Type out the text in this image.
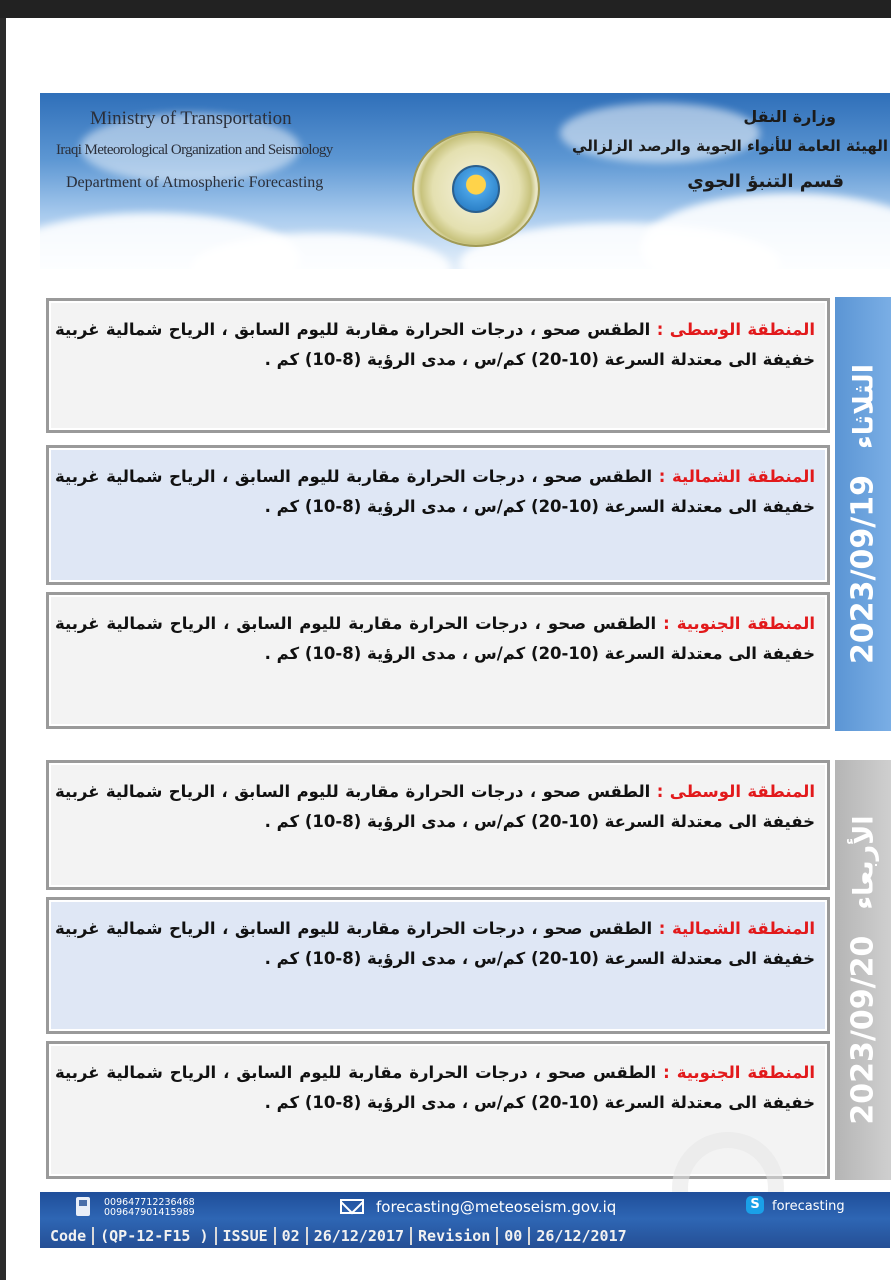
Ministry of Transportation
Iraqi Meteorological Organization and Seismology
Department of Atmospheric Forecasting
وزارة النقل
الهيئة العامة للأنواء الجوية والرصد الزلزالي
قسم التنبؤ الجوي

المنطقة الوسطى : الطقس صحو ، درجات الحرارة مقاربة لليوم السابق ، الرياح شمالية غربية خفيفة الى معتدلة السرعة (10-20) كم/س ، مدى الرؤية (8-10) كم .

المنطقة الشمالية : الطقس صحو ، درجات الحرارة مقاربة لليوم السابق ، الرياح شمالية غربية خفيفة الى معتدلة السرعة (10-20) كم/س ، مدى الرؤية (8-10) كم .

المنطقة الجنوبية : الطقس صحو ، درجات الحرارة مقاربة لليوم السابق ، الرياح شمالية غربية خفيفة الى معتدلة السرعة (10-20) كم/س ، مدى الرؤية (8-10) كم . 2023/09/19الثلاثاء

المنطقة الوسطى : الطقس صحو ، درجات الحرارة مقاربة لليوم السابق ، الرياح شمالية غربية خفيفة الى معتدلة السرعة (10-20) كم/س ، مدى الرؤية (8-10) كم .

المنطقة الشمالية : الطقس صحو ، درجات الحرارة مقاربة لليوم السابق ، الرياح شمالية غربية خفيفة الى معتدلة السرعة (10-20) كم/س ، مدى الرؤية (8-10) كم .

المنطقة الجنوبية : الطقس صحو ، درجات الحرارة مقاربة لليوم السابق ، الرياح شمالية غربية خفيفة الى معتدلة السرعة (10-20) كم/س ، مدى الرؤية (8-10) كم . 2023/09/20الأربعاء
009647712236468
009647901415989	forecasting@meteoseism.gov.iq	S forecasting
Code (QP-12-F15 ) ISSUE 02 26/12/2017 Revision 00 26/12/2017
